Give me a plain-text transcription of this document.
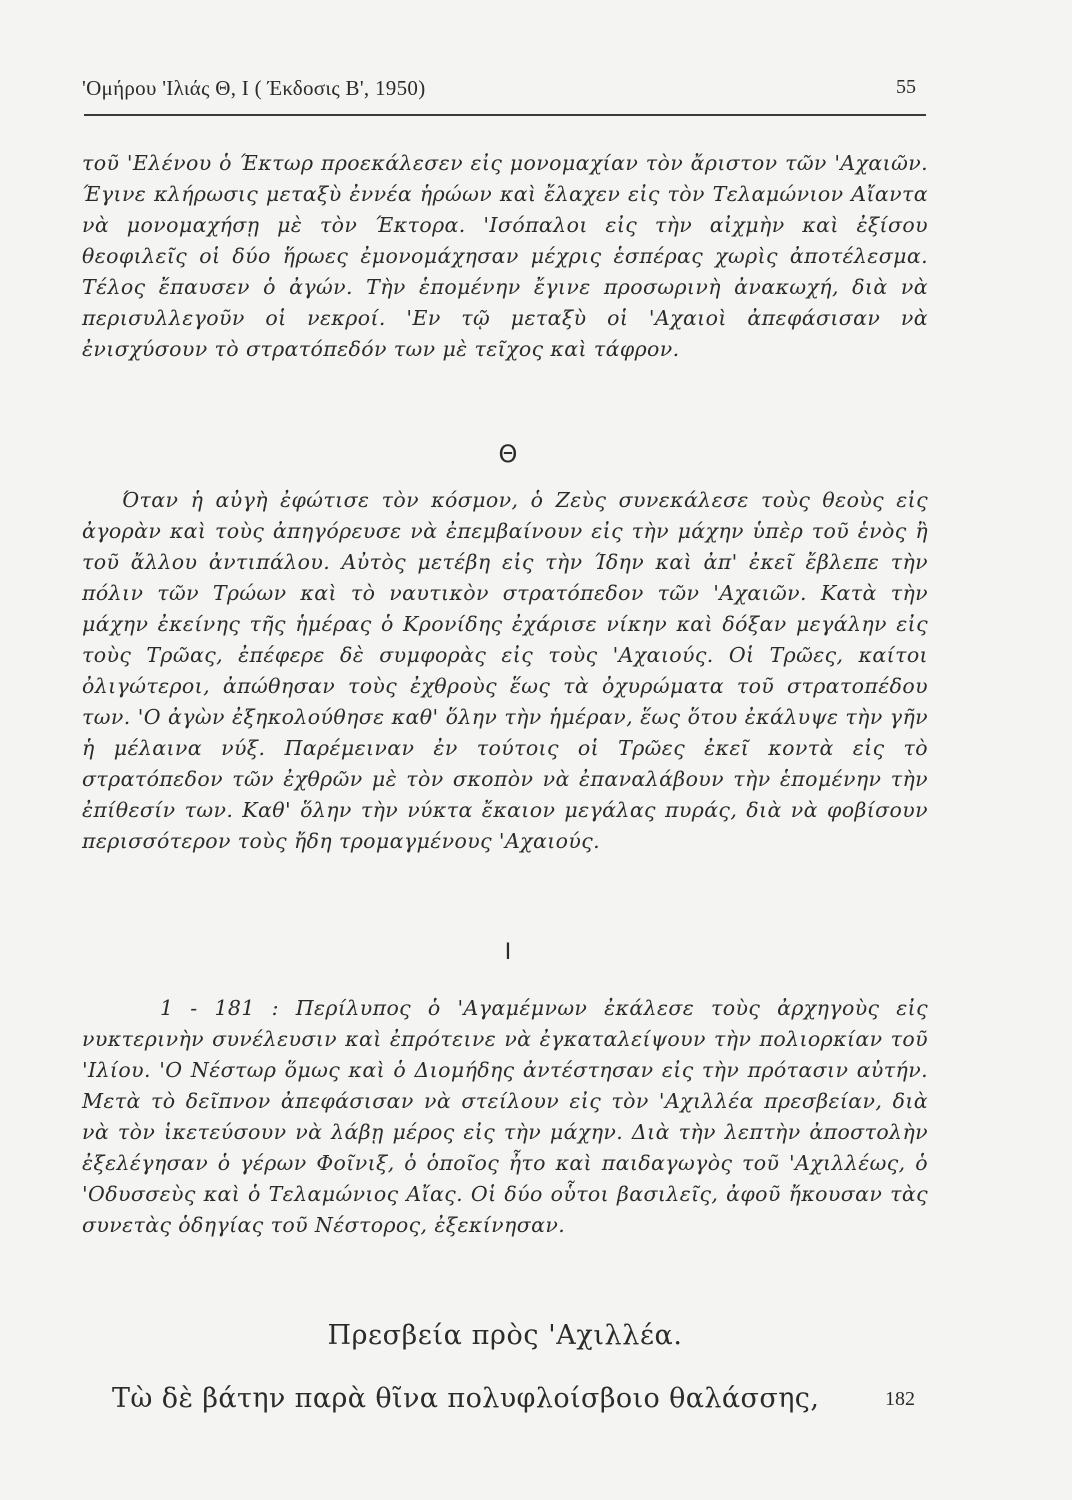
'Ομήρου 'Ιλιάς Θ, Ι ( Έκδοσις Β', 1950)	55

τοῦ 'Ελένου ὁ Έκτωρ προεκάλεσεν εἰς μονομαχίαν τὸν ἄριστον τῶν 'Αχαιῶν. Έγινε κλήρωσις μεταξὺ ἐννέα ἡρώων καὶ ἔλαχεν εἰς τὸν Τελαμώνιον Αἴαντα νὰ μονομαχήσῃ μὲ τὸν Έκτορα. 'Ισόπαλοι εἰς τὴν αἰχμὴν καὶ ἐξίσου θεοφιλεῖς οἱ δύο ἥρωες ἐμονομάχησαν μέχρις ἑσπέρας χωρὶς ἀποτέλεσμα. Τέλος ἔπαυσεν ὁ ἀγών. Τὴν ἑπομένην ἔγινε προσωρινὴ ἀνακωχή, διὰ νὰ περισυλλεγοῦν οἱ νεκροί. 'Εν τῷ μεταξὺ οἱ 'Αχαιοὶ ἀπεφάσισαν νὰ ἐνισχύσουν τὸ στρατόπεδόν των μὲ τεῖχος καὶ τάφρον.

Θ

Όταν ἡ αὐγὴ ἐφώτισε τὸν κόσμον, ὁ Ζεὺς συνεκάλεσε τοὺς θεοὺς εἰς ἀγορὰν καὶ τοὺς ἀπηγόρευσε νὰ ἐπεμβαίνουν εἰς τὴν μάχην ὑπὲρ τοῦ ἑνὸς ἢ τοῦ ἄλλου ἀντιπάλου. Αὐτὸς μετέβη εἰς τὴν Ίδην καὶ ἀπ' ἐκεῖ ἔβλεπε τὴν πόλιν τῶν Τρώων καὶ τὸ ναυτικὸν στρατόπεδον τῶν 'Αχαιῶν. Κατὰ τὴν μάχην ἐκείνης τῆς ἡμέρας ὁ Κρονίδης ἐχάρισε νίκην καὶ δόξαν μεγάλην εἰς τοὺς Τρῶας, ἐπέφερε δὲ συμφορὰς εἰς τοὺς 'Αχαιούς. Οἱ Τρῶες, καίτοι ὀλιγώτεροι, ἀπώθησαν τοὺς ἐχθροὺς ἕως τὰ ὀχυρώματα τοῦ στρατοπέδου των. 'Ο ἀγὼν ἐξηκολούθησε καθ' ὅλην τὴν ἡμέραν, ἕως ὅτου ἐκάλυψε τὴν γῆν ἡ μέλαινα νύξ. Παρέμειναν ἐν τούτοις οἱ Τρῶες ἐκεῖ κοντὰ εἰς τὸ στρατόπεδον τῶν ἐχθρῶν μὲ τὸν σκοπὸν νὰ ἐπαναλάβουν τὴν ἑπομένην τὴν ἐπίθεσίν των. Καθ' ὅλην τὴν νύκτα ἔκαιον μεγάλας πυράς, διὰ νὰ φοβίσουν περισσότερον τοὺς ἤδη τρομαγμένους 'Αχαιούς.

Ι

1 - 181 : Περίλυπος ὁ 'Αγαμέμνων ἐκάλεσε τοὺς ἀρχηγοὺς εἰς νυκτερινὴν συνέλευσιν καὶ ἐπρότεινε νὰ ἐγκαταλείψουν τὴν πολιορκίαν τοῦ 'Ιλίου. 'Ο Νέστωρ ὅμως καὶ ὁ Διομήδης ἀντέστησαν εἰς τὴν πρότασιν αὐτήν. Μετὰ τὸ δεῖπνον ἀπεφάσισαν νὰ στείλουν εἰς τὸν 'Αχιλλέα πρεσβείαν, διὰ νὰ τὸν ἱκετεύσουν νὰ λάβῃ μέρος εἰς τὴν μάχην. Διὰ τὴν λεπτὴν ἀποστολὴν ἐξελέγησαν ὁ γέρων Φοῖνιξ, ὁ ὁποῖος ἦτο καὶ παιδαγωγὸς τοῦ 'Αχιλλέως, ὁ 'Οδυσσεὺς καὶ ὁ Τελαμώνιος Αἴας. Οἱ δύο οὗτοι βασιλεῖς, ἀφοῦ ἤκουσαν τὰς συνετὰς ὁδηγίας τοῦ Νέστορος, ἐξεκίνησαν.

Πρεσβεία πρὸς 'Αχιλλέα.
Τὼ δὲ βάτην παρὰ θῖνα πολυφλοίσβοιο θαλάσσης,	182
